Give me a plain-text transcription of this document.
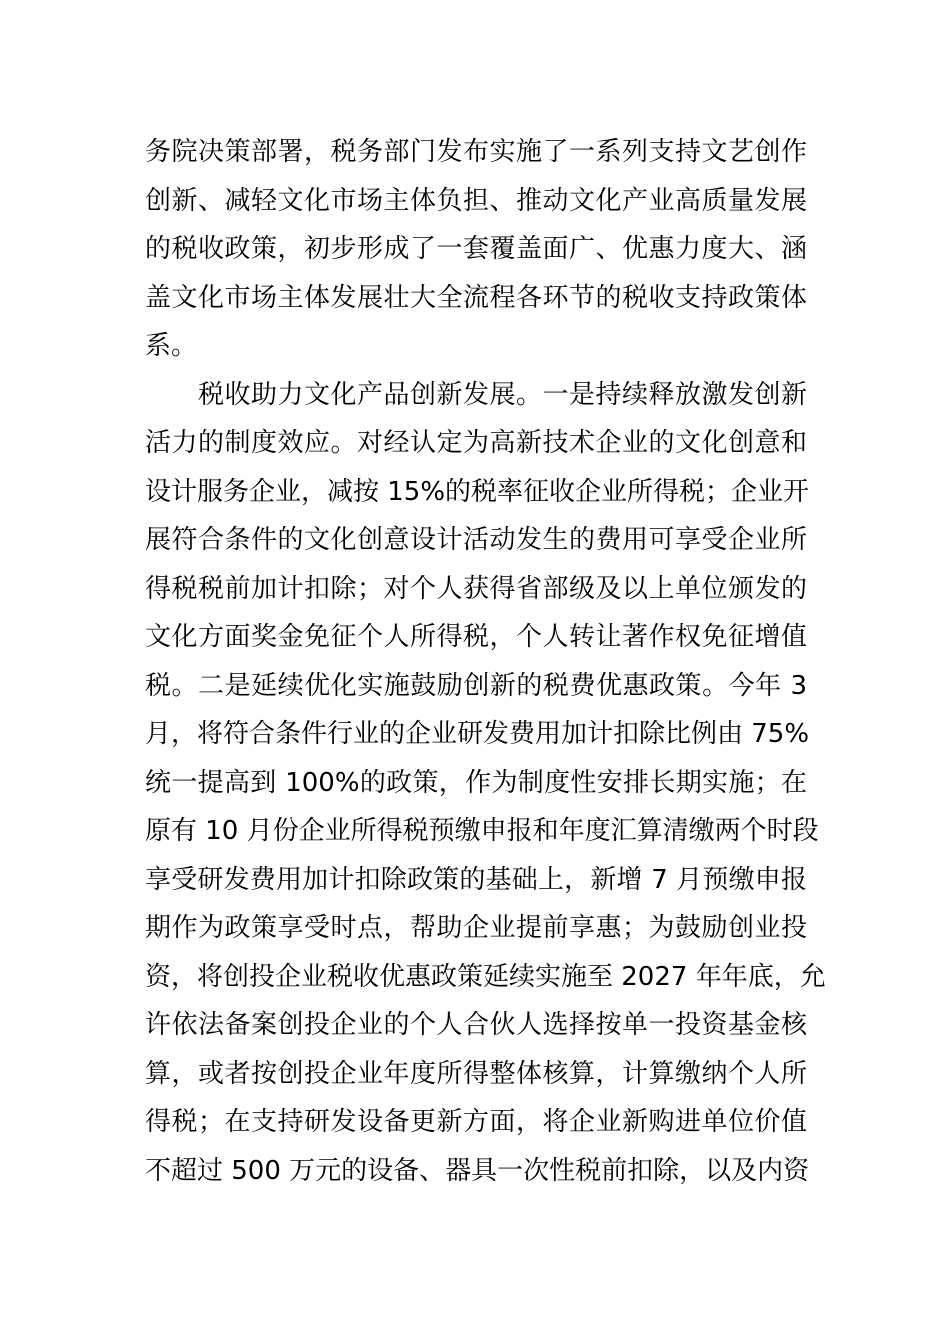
务院决策部署，税务部门发布实施了一系列支持文艺创作
创新、减轻文化市场主体负担、推动文化产业高质量发展
的税收政策，初步形成了一套覆盖面广、优惠力度大、涵
盖文化市场主体发展壮大全流程各环节的税收支持政策体
系。
　　税收助力文化产品创新发展。一是持续释放激发创新
活力的制度效应。对经认定为高新技术企业的文化创意和
设计服务企业，减按 15%的税率征收企业所得税；企业开
展符合条件的文化创意设计活动发生的费用可享受企业所
得税税前加计扣除；对个人获得省部级及以上单位颁发的
文化方面奖金免征个人所得税，个人转让著作权免征增值
税。二是延续优化实施鼓励创新的税费优惠政策。今年 3
月，将符合条件行业的企业研发费用加计扣除比例由 75%
统一提高到 100%的政策，作为制度性安排长期实施；在
原有 10 月份企业所得税预缴申报和年度汇算清缴两个时段
享受研发费用加计扣除政策的基础上，新增 7 月预缴申报
期作为政策享受时点，帮助企业提前享惠；为鼓励创业投
资，将创投企业税收优惠政策延续实施至 2027 年年底，允
许依法备案创投企业的个人合伙人选择按单一投资基金核
算，或者按创投企业年度所得整体核算，计算缴纳个人所
得税；在支持研发设备更新方面，将企业新购进单位价值
不超过 500 万元的设备、器具一次性税前扣除，以及内资
